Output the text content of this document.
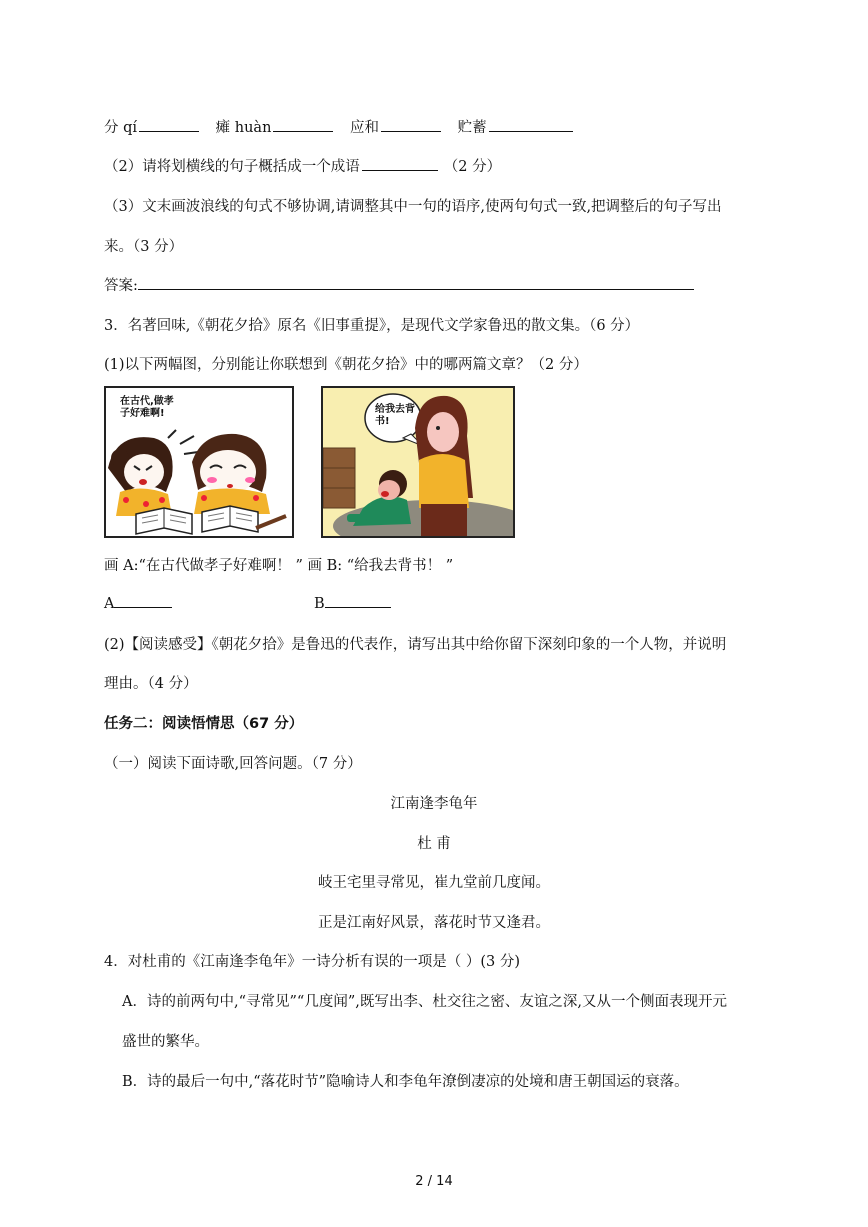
分 qí	瘫 huàn	应和	贮蓄
（2）请将划横线的句子概括成一个成语	（2 分）
（3）文末画波浪线的句式不够协调,请调整其中一句的语序,使两句句式一致,把调整后的句子写出
来。（3 分）
答案:
3．名著回味,《朝花夕拾》原名《旧事重提》，是现代文学家鲁迅的散文集。（6 分）
(1)以下两幅图，分别能让你联想到《朝花夕拾》中的哪两篇文章？（2 分）
在古代,做孝子好难啊!	给我去背书!
画 A:“在古代做孝子好难啊！ ” 画 B: “给我去背书！ ”
A	B
(2)【阅读感受】《朝花夕拾》是鲁迅的代表作，请写出其中给你留下深刻印象的一个人物，并说明
理由。（4 分）
任务二：阅读悟情思（67 分）
（一）阅读下面诗歌,回答问题。（7 分）
江南逢李龟年
杜 甫
岐王宅里寻常见，崔九堂前几度闻。
正是江南好风景，落花时节又逢君。
4．对杜甫的《江南逢李龟年》一诗分析有误的一项是（ ）(3 分)
A．诗的前两句中,“寻常见”“几度闻”,既写出李、杜交往之密、友谊之深,又从一个侧面表现开元
盛世的繁华。
B．诗的最后一句中,“落花时节”隐喻诗人和李龟年潦倒凄凉的处境和唐王朝国运的衰落。
2 / 14
